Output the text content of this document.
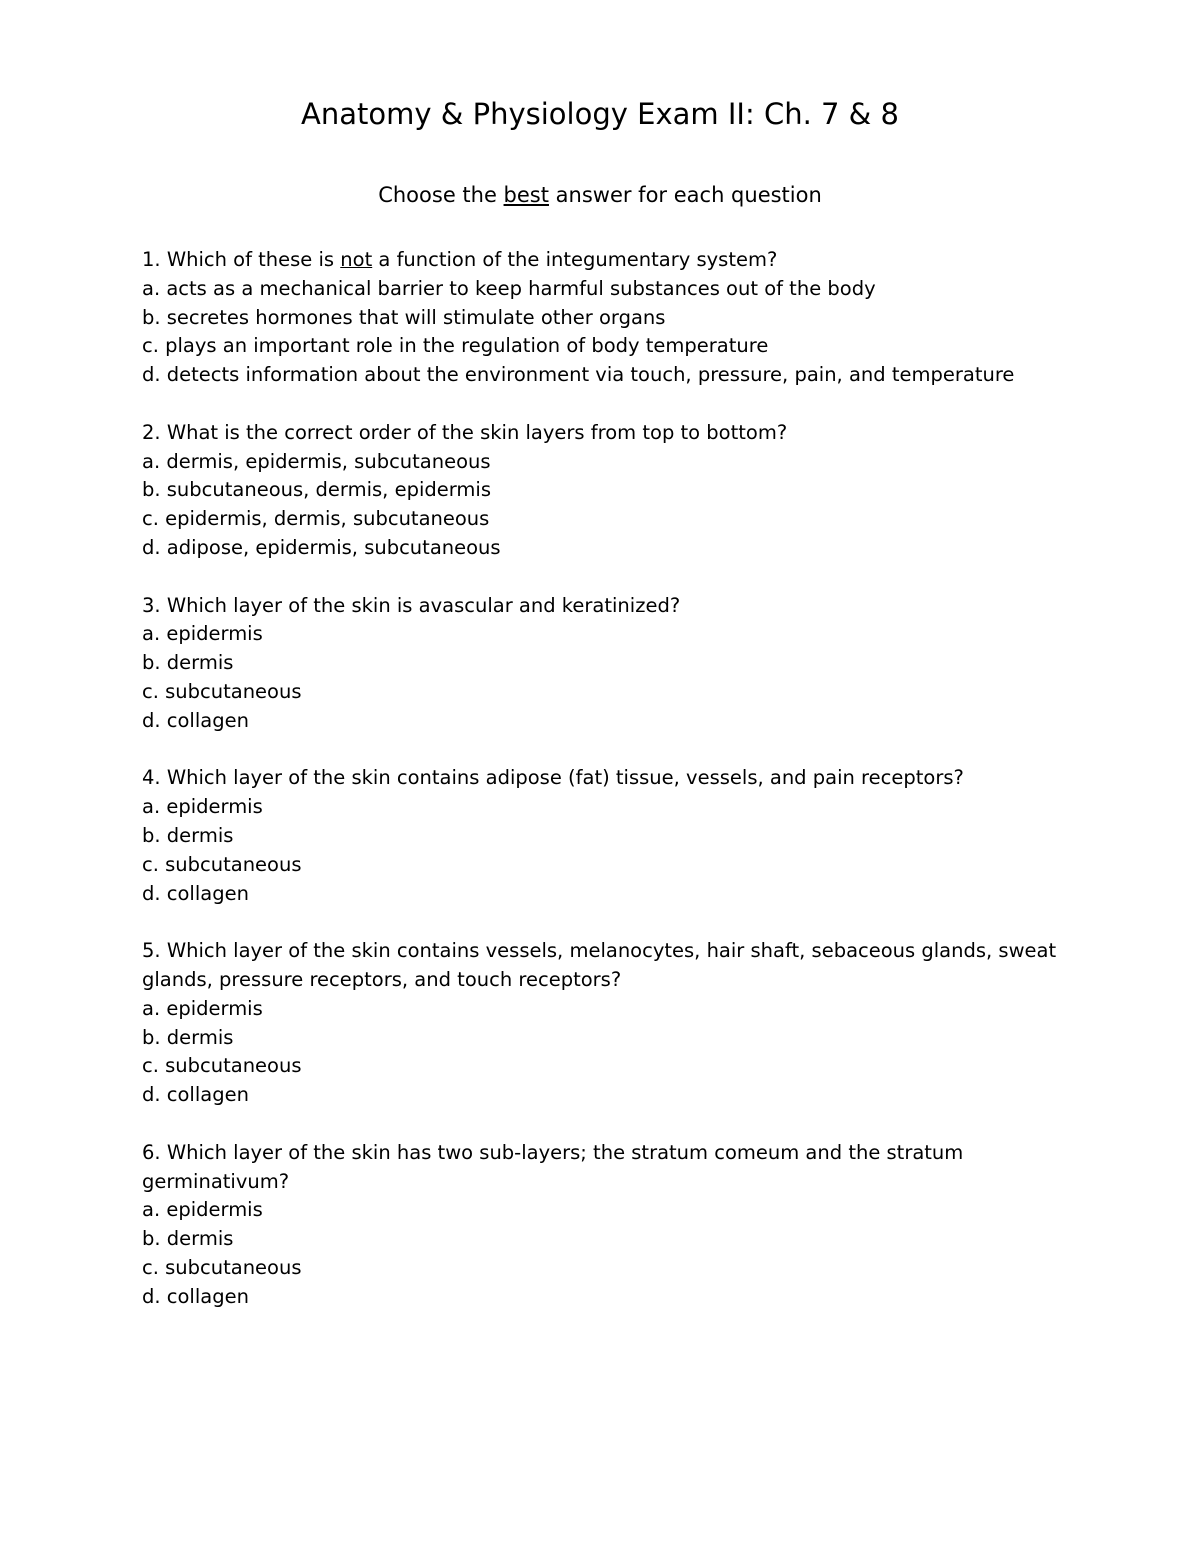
Anatomy & Physiology Exam II: Ch. 7 & 8
Choose the best answer for each question
1. Which of these is not a function of the integumentary system?
a. acts as a mechanical barrier to keep harmful substances out of the body
b. secretes hormones that will stimulate other organs
c. plays an important role in the regulation of body temperature
d. detects information about the environment via touch, pressure, pain, and temperature
2. What is the correct order of the skin layers from top to bottom?
a. dermis, epidermis, subcutaneous
b. subcutaneous, dermis, epidermis
c. epidermis, dermis, subcutaneous
d. adipose, epidermis, subcutaneous
3. Which layer of the skin is avascular and keratinized?
a. epidermis
b. dermis
c. subcutaneous
d. collagen
4. Which layer of the skin contains adipose (fat) tissue, vessels, and pain receptors?
a. epidermis
b. dermis
c. subcutaneous
d. collagen
5. Which layer of the skin contains vessels, melanocytes, hair shaft, sebaceous glands, sweat glands, pressure receptors, and touch receptors?
a. epidermis
b. dermis
c. subcutaneous
d. collagen
6. Which layer of the skin has two sub-layers; the stratum comeum and the stratum germinativum?
a. epidermis
b. dermis
c. subcutaneous
d. collagen
